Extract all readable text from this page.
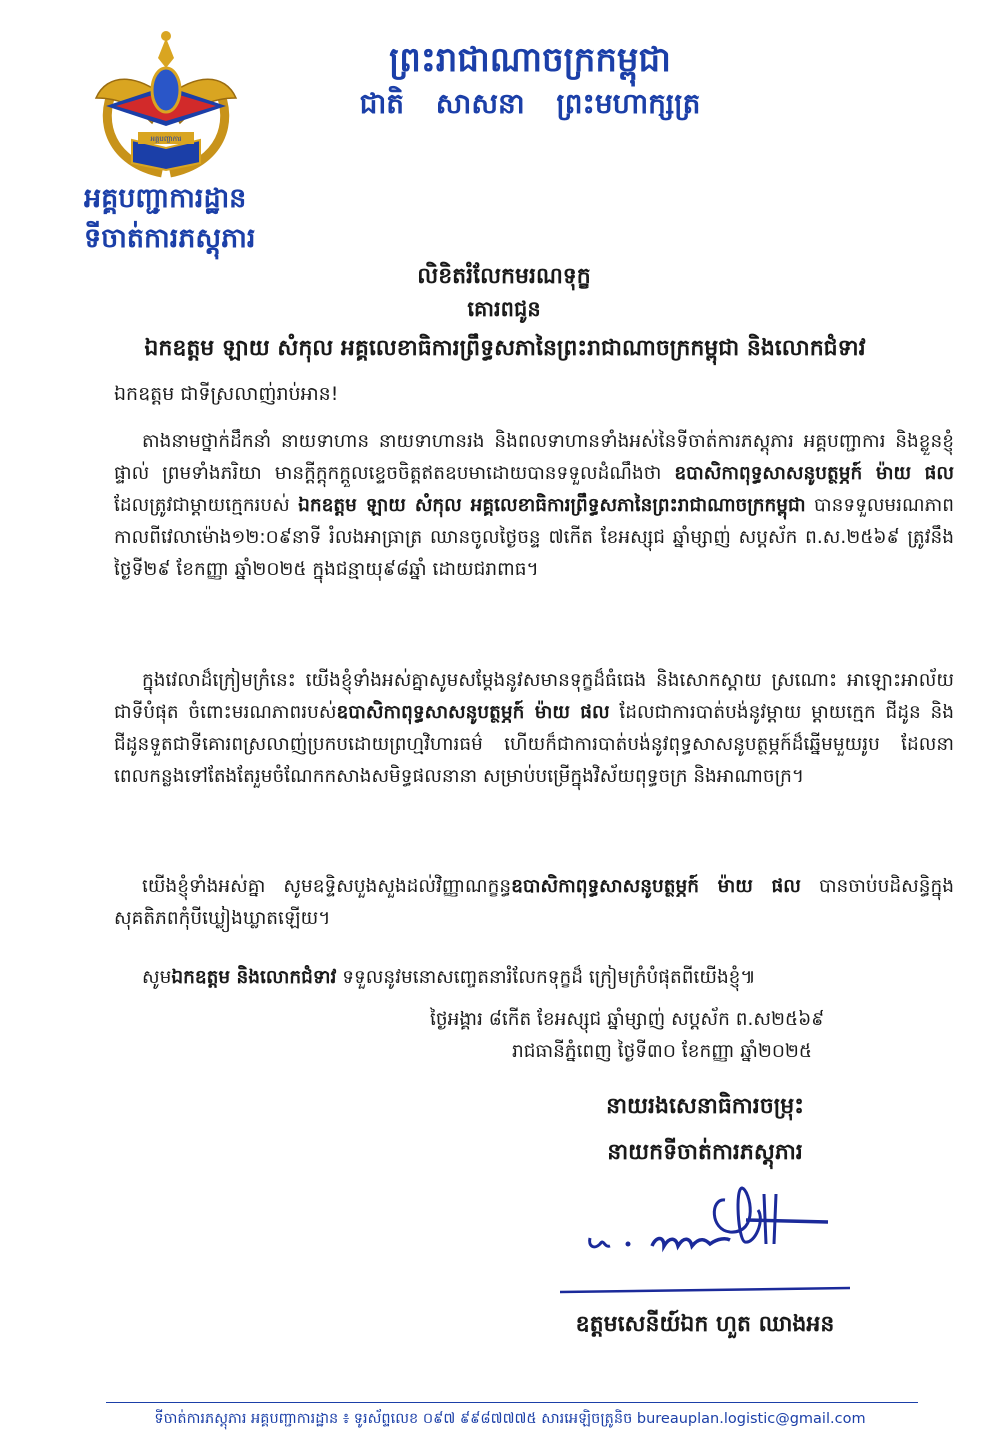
អគ្គបញ្ជាការ
ព្រះរាជាណាចក្រកម្ពុជា
ជាតិ សាសនា ព្រះមហាក្សត្រ
អគ្គបញ្ជាការដ្ឋាន
ទីចាត់ការភស្តុភារ
លិខិតរំលែកមរណទុក្ខ
គោរពជូន
ឯកឧត្តម ឡាយ សំកុល អគ្គលេខាធិការព្រឹទ្ធសភានៃព្រះរាជាណាចក្រកម្ពុជា និងលោកជំទាវ
ឯកឧត្តម ជាទីស្រលាញ់រាប់អាន!
តាងនាមថ្នាក់ដឹកនាំ នាយទាហាន នាយទាហានរង និងពលទាហានទាំងអស់នៃទីចាត់ការភស្តុភារ អគ្គបញ្ជាការ និងខ្លួនខ្ញុំផ្ទាល់ ព្រមទាំងភរិយា មានក្តីក្តុកក្តួលខ្ទេចចិត្តឥតឧបមាដោយបានទទួលដំណឹងថា ឧបាសិកាពុទ្ធសាសនូបត្ថម្ភក៍ ម៉ាយ ផល ដែលត្រូវជាម្តាយក្មេករបស់ ឯកឧត្តម ឡាយ សំកុល អគ្គលេខាធិការព្រឹទ្ធសភានៃព្រះរាជាណាចក្រកម្ពុជា បានទទួលមរណភាពកាលពីវេលាម៉ោង១២:០៩នាទី រំលងអាធ្រាត្រ ឈានចូលថ្ងៃចន្ទ ៧កើត ខែអស្សុជ ឆ្នាំម្សាញ់ សប្តស័ក ព.ស.២៥៦៩ ត្រូវនឹងថ្ងៃទី២៩ ខែកញ្ញា ឆ្នាំ២០២៥ ក្នុងជន្មាយុ៩៨ឆ្នាំ ដោយជរាពាធ។
ក្នុងវេលាដ៏ក្រៀមក្រំនេះ យើងខ្ញុំទាំងអស់គ្នាសូមសម្តែងនូវសមានទុក្ខដ៏ធំធេង និងសោកស្តាយ ស្រណោះ អាឡោះអាល័យជាទីបំផុត ចំពោះមរណភាពរបស់ឧបាសិកាពុទ្ធសាសនូបត្ថម្ភក៍ ម៉ាយ ផល ដែលជាការបាត់បង់នូវម្តាយ ម្តាយក្មេក ជីដូន និងជីដូនទួតជាទីគោរពស្រលាញ់ប្រកបដោយព្រហ្មវិហារធម៌ ហើយក៏ជាការបាត់បង់នូវពុទ្ធសាសនូបត្ថម្ភក៍ដ៏ឆ្នើមមួយរូប ដែលនាពេលកន្លងទៅតែងតែរួមចំណែកកសាងសមិទ្ធផលនានា សម្រាប់បម្រើក្នុងវិស័យពុទ្ធចក្រ និងអាណាចក្រ។
យើងខ្ញុំទាំងអស់គ្នា សូមឧទ្ទិសបួងសួងដល់វិញ្ញាណក្ខន្ធឧបាសិកាពុទ្ធសាសនូបត្ថម្ភក៍ ម៉ាយ ផល បានចាប់បដិសន្ធិក្នុងសុគតិភពកុំបីឃ្លៀងឃ្លាតឡើយ។
សូមឯកឧត្តម និងលោកជំទាវ ទទួលនូវមនោសញ្ចេតនារំលែកទុក្ខដ៏ ក្រៀមក្រំបំផុតពីយើងខ្ញុំ៕
ថ្ងៃអង្គារ ៨កើត ខែអស្សុជ ឆ្នាំម្សាញ់ សប្តស័ក ព.ស២៥៦៩
រាជធានីភ្នំពេញ ថ្ងៃទី៣០ ខែកញ្ញា ឆ្នាំ២០២៥
នាយរងសេនាធិការចម្រុះ
នាយកទីចាត់ការភស្តុភារ
ឧត្តមសេនីយ៍ឯក ហួត ឈាងអន
ទីចាត់ការភស្តុភារ អគ្គបញ្ជាការដ្ឋាន ៖ ទូរស័ព្ទលេខ ០៩៧ ៩៩៨៧៧៧៥ សារអេឡិចត្រូនិច bureauplan.logistic@gmail.com
